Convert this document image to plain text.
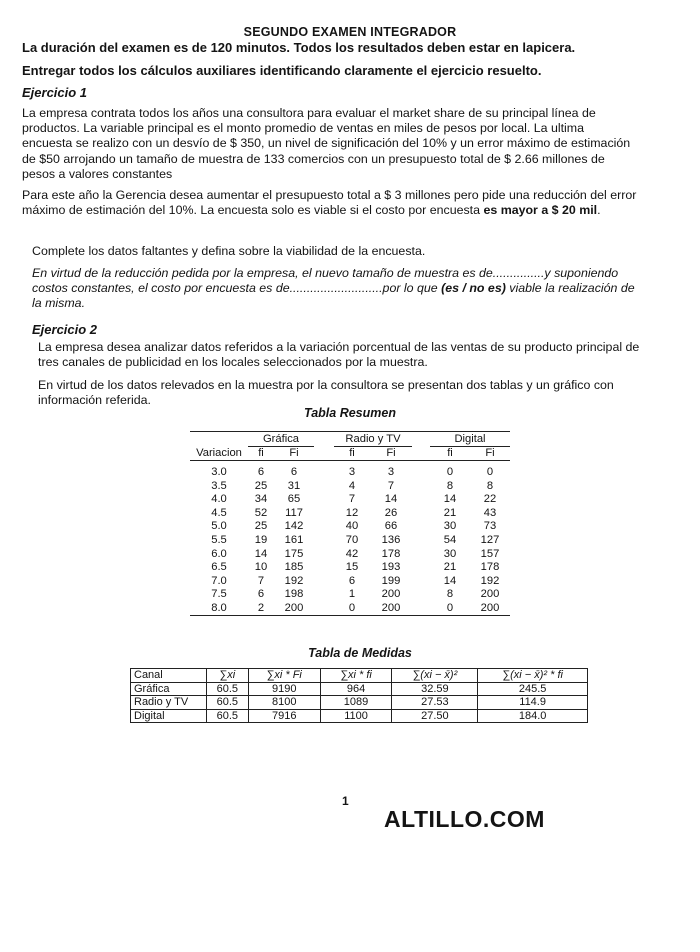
SEGUNDO EXAMEN INTEGRADOR
La duración del examen es de 120 minutos. Todos los resultados deben estar en lapicera.
Entregar todos los cálculos auxiliares identificando claramente el ejercicio resuelto.
Ejercicio 1
La empresa contrata todos los años una consultora para evaluar el market share de su principal línea de productos. La variable principal es el monto promedio de ventas en miles de pesos por local. La ultima encuesta se realizo con un desvío de $ 350, un nivel de significación del 10% y un error máximo de estimación de $50 arrojando un tamaño de muestra de 133 comercios con un presupuesto total de $ 2.66 millones de pesos a valores constantes
Para este año la Gerencia desea aumentar el presupuesto total a $ 3 millones pero pide una reducción del error máximo de estimación del 10%. La encuesta solo es viable si el costo por encuesta es mayor a $ 20 mil.
Complete los datos faltantes y defina sobre la viabilidad de la encuesta.
En virtud de la reducción pedida por la empresa, el nuevo tamaño de muestra es de...............y suponiendo costos constantes, el costo por encuesta es de...........................por lo que (es / no es) viable la realización de la misma.
Ejercicio 2
La empresa desea analizar datos referidos a la variación porcentual de las ventas de su producto principal de tres canales de publicidad en los locales seleccionados por la muestra.
En virtud de los datos relevados en la muestra por la consultora se presentan dos tablas y un gráfico con información referida.
Tabla Resumen
	Gráfica			Radio y TV			Digital	
Variacion	fi	Fi		fi	Fi		fi	Fi

3.0	6	6		3	3		0	0
3.5	25	31		4	7		8	8
4.0	34	65		7	14		14	22
4.5	52	117		12	26		21	43
5.0	25	142		40	66		30	73
5.5	19	161		70	136		54	127
6.0	14	175		42	178		30	157
6.5	10	185		15	193		21	178
7.0	7	192		6	199		14	192
7.5	6	198		1	200		8	200
8.0	2	200		0	200		0	200

Tabla de Medidas
Canal	∑xi	∑xi * Fi	∑xi * fi	∑(xi − x̄)²	∑(xi − x̄)² * fi
Gráfica	60.5	9190	964	32.59	245.5
Radio y TV	60.5	8100	1089	27.53	114.9
Digital	60.5	7916	1100	27.50	184.0
1
ALTILLO.COM
